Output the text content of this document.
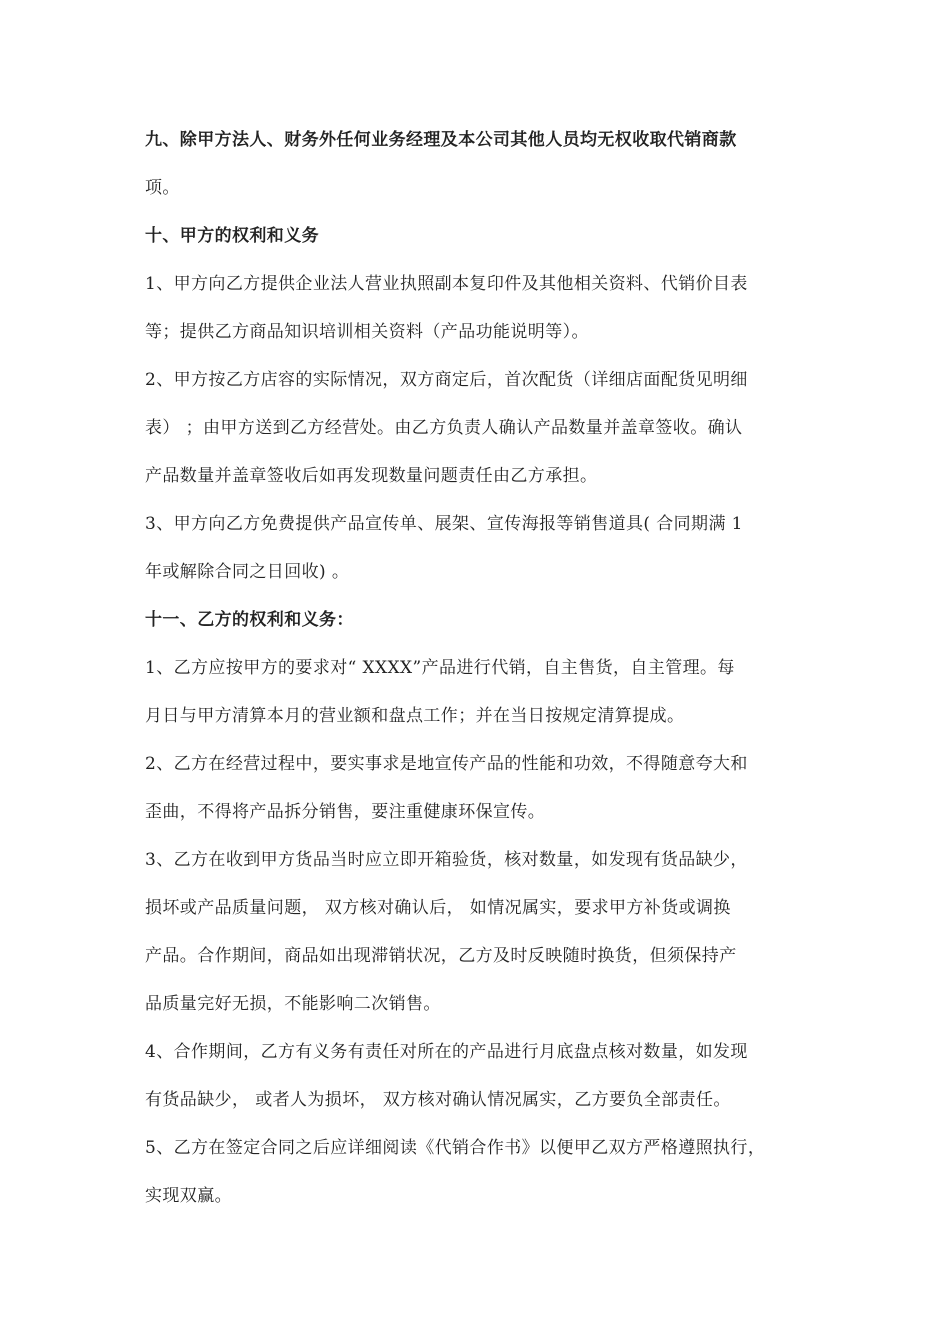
九、除甲方法人、财务外任何业务经理及本公司其他人员均无权收取代销商款
项。
十、甲方的权利和义务
1、甲方向乙方提供企业法人营业执照副本复印件及其他相关资料、代销价目表
等；提供乙方商品知识培训相关资料（产品功能说明等）。
2、甲方按乙方店容的实际情况，双方商定后，首次配货（详细店面配货见明细
表） ；由甲方送到乙方经营处。由乙方负责人确认产品数量并盖章签收。确认
产品数量并盖章签收后如再发现数量问题责任由乙方承担。
3、甲方向乙方免费提供产品宣传单、展架、宣传海报等销售道具( 合同期满 1
年或解除合同之日回收) 。
十一、乙方的权利和义务：
1、乙方应按甲方的要求对“ XXXX”产品进行代销，自主售货，自主管理。每
月日与甲方清算本月的营业额和盘点工作；并在当日按规定清算提成。
2、乙方在经营过程中，要实事求是地宣传产品的性能和功效，不得随意夸大和
歪曲，不得将产品拆分销售，要注重健康环保宣传。
3、乙方在收到甲方货品当时应立即开箱验货，核对数量，如发现有货品缺少，
损坏或产品质量问题， 双方核对确认后， 如情况属实，要求甲方补货或调换
产品。合作期间，商品如出现滞销状况，乙方及时反映随时换货，但须保持产
品质量完好无损，不能影响二次销售。
4、合作期间，乙方有义务有责任对所在的产品进行月底盘点核对数量，如发现
有货品缺少， 或者人为损坏， 双方核对确认情况属实，乙方要负全部责任。
5、乙方在签定合同之后应详细阅读《代销合作书》以便甲乙双方严格遵照执行，
实现双赢。
